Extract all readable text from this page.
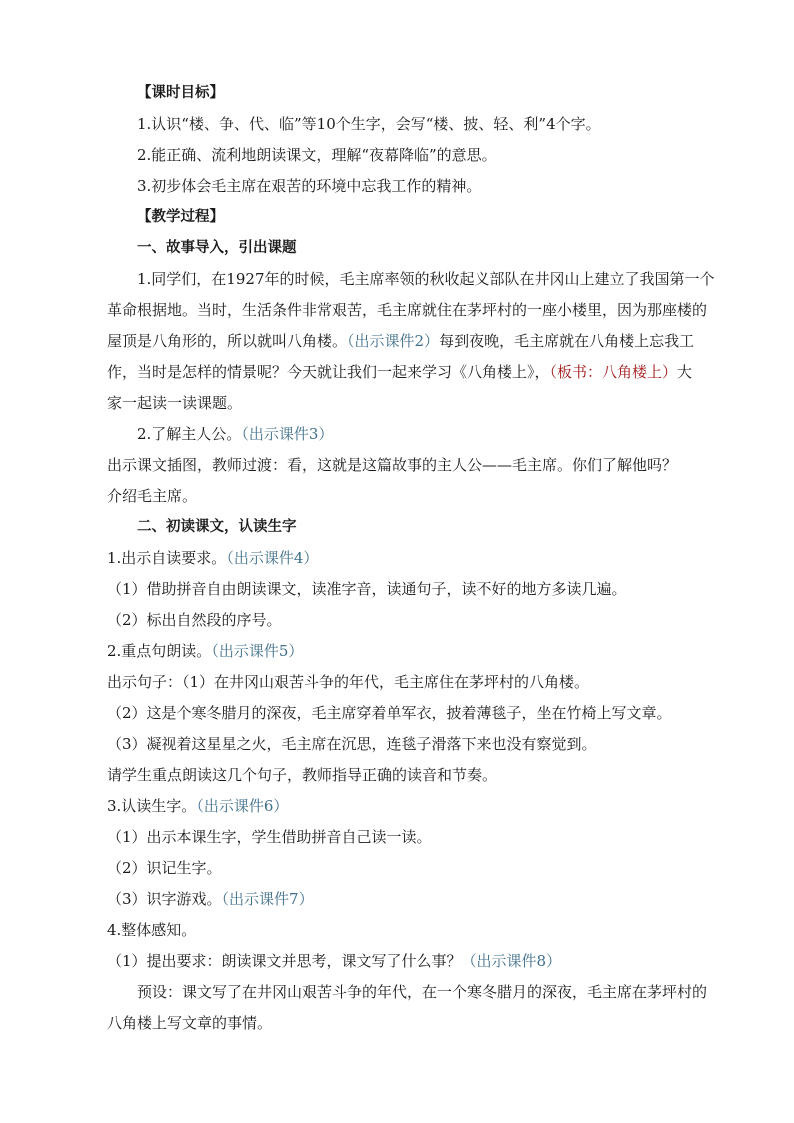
【课时目标】
1.认识“楼、争、代、临”等10个生字，会写“楼、披、轻、利”4个字。
2.能正确、流利地朗读课文，理解“夜幕降临”的意思。
3.初步体会毛主席在艰苦的环境中忘我工作的精神。
【教学过程】
一、故事导入，引出课题
1.同学们，在1927年的时候，毛主席率领的秋收起义部队在井冈山上建立了我国第一个
革命根据地。当时，生活条件非常艰苦，毛主席就住在茅坪村的一座小楼里，因为那座楼的
屋顶是八角形的，所以就叫八角楼。（出示课件2）每到夜晚，毛主席就在八角楼上忘我工
作，当时是怎样的情景呢？今天就让我们一起来学习《八角楼上》，（板书：八角楼上）大
家一起读一读课题。
2.了解主人公。（出示课件3）
出示课文插图，教师过渡：看，这就是这篇故事的主人公——毛主席。你们了解他吗？
介绍毛主席。
二、初读课文，认读生字
1.出示自读要求。（出示课件4）
（1）借助拼音自由朗读课文，读准字音，读通句子，读不好的地方多读几遍。
（2）标出自然段的序号。
2.重点句朗读。（出示课件5）
出示句子：（1）在井冈山艰苦斗争的年代，毛主席住在茅坪村的八角楼。
（2）这是个寒冬腊月的深夜，毛主席穿着单军衣，披着薄毯子，坐在竹椅上写文章。
（3）凝视着这星星之火，毛主席在沉思，连毯子滑落下来也没有察觉到。
请学生重点朗读这几个句子，教师指导正确的读音和节奏。
3.认读生字。（出示课件6）
（1）出示本课生字，学生借助拼音自己读一读。
（2）识记生字。
（3）识字游戏。（出示课件7）
4.整体感知。
（1）提出要求：朗读课文并思考，课文写了什么事？（出示课件8）
预设：课文写了在井冈山艰苦斗争的年代，在一个寒冬腊月的深夜，毛主席在茅坪村的
八角楼上写文章的事情。
